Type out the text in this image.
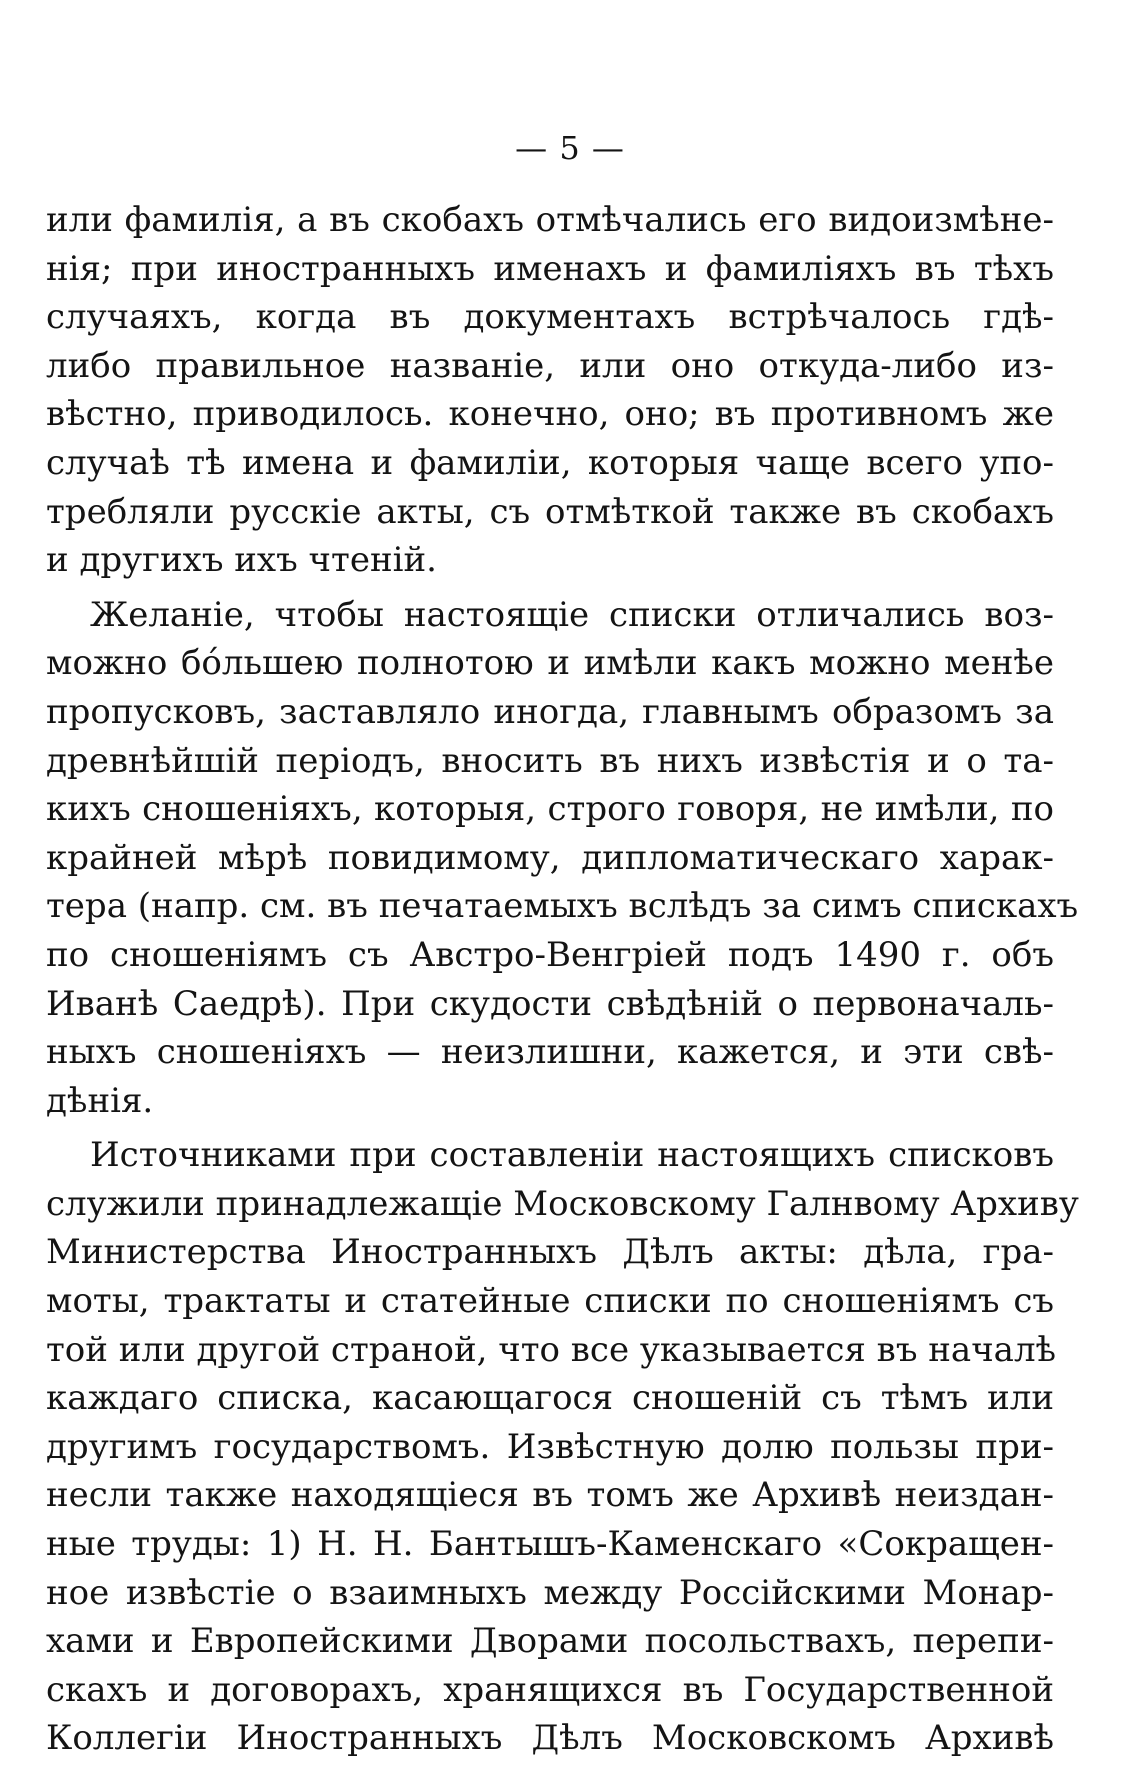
— 5 —
или фамилія, а въ скобахъ отмѣчались его видоизмѣне-
нія; при иностранныхъ именахъ и фамиліяхъ въ тѣхъ
случаяхъ, когда въ документахъ встрѣчалось гдѣ-
либо правильное названіе, или оно откуда-либо из-
вѣстно, приводилось. конечно, оно; въ противномъ же
случаѣ тѣ имена и фамиліи, которыя чаще всего упо-
требляли русскіе акты, съ отмѣткой также въ скобахъ
и другихъ ихъ чтеній.
Желаніе, чтобы настоящіе списки отличались воз-
можно бо́льшею полнотою и имѣли какъ можно менѣе
пропусковъ, заставляло иногда, главнымъ образомъ за
древнѣйшій періодъ, вносить въ нихъ извѣстія и о та-
кихъ сношеніяхъ, которыя, строго говоря, не имѣли, по
крайней мѣрѣ повидимому, дипломатическаго харак-
тера (напр. см. въ печатаемыхъ вслѣдъ за симъ спискахъ
по сношеніямъ съ Австро-Венгріей подъ 1490 г. объ
Иванѣ Саедрѣ). При скудости свѣдѣній о первоначаль-
ныхъ сношеніяхъ — неизлишни, кажется, и эти свѣ-
дѣнія.
Источниками при составленіи настоящихъ списковъ
служили принадлежащіе Московскому Галнвому Архиву
Министерства Иностранныхъ Дѣлъ акты: дѣла, гра-
моты, трактаты и статейные списки по сношеніямъ съ
той или другой страной, что все указывается въ началѣ
каждаго списка, касающагося сношеній съ тѣмъ или
другимъ государствомъ. Извѣстную долю пользы при-
несли также находящіеся въ томъ же Архивѣ неиздан-
ные труды: 1) Н. Н. Бантышъ-Каменскаго «Сокращен-
ное извѣстіе о взаимныхъ между Россійскими Монар-
хами и Европейскими Дворами посольствахъ, перепи-
скахъ и договорахъ, хранящихся въ Государственной
Коллегіи Иностранныхъ Дѣлъ Московскомъ Архивѣ
